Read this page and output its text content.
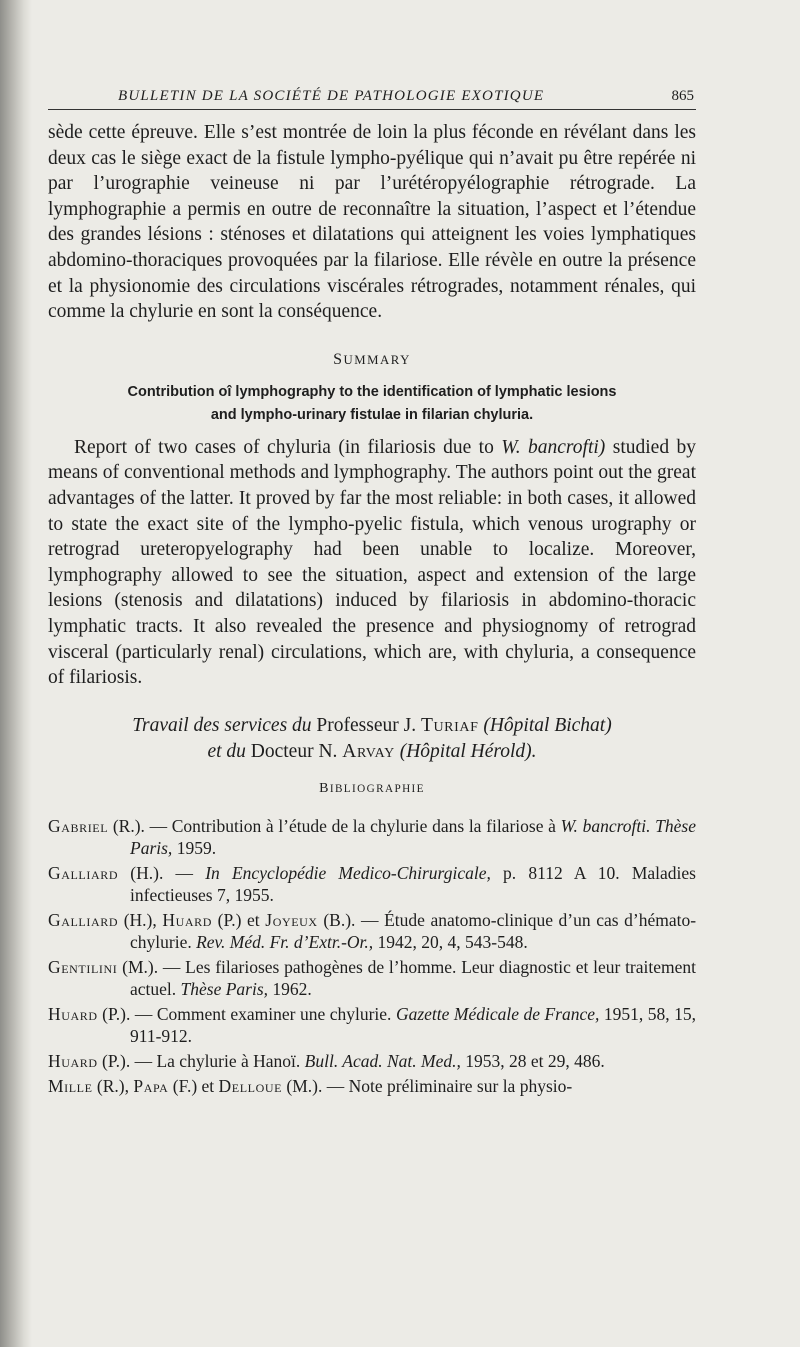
BULLETIN DE LA SOCIÉTÉ DE PATHOLOGIE EXOTIQUE	865

sède cette épreuve. Elle s’est montrée de loin la plus féconde en révélant dans les deux cas le siège exact de la fistule lympho-pyélique qui n’avait pu être repérée ni par l’urographie veineuse ni par l’urétéropyélographie rétrograde. La lymphographie a permis en outre de reconnaître la situation, l’aspect et l’étendue des grandes lésions : sténoses et dilatations qui atteignent les voies lymphatiques abdomino-thoraciques provoquées par la filariose. Elle révèle en outre la présence et la physionomie des circulations viscérales rétrogrades, notamment rénales, qui comme la chylurie en sont la conséquence.

SUMMARY
Contribution oî lymphography to the identification of lymphatic lesions
and lympho-urinary fistulae in filarian chyluria.

Report of two cases of chyluria (in filariosis due to W. bancrofti) studied by means of conventional methods and lymphography. The authors point out the great advantages of the latter. It proved by far the most reliable: in both cases, it allowed to state the exact site of the lympho-pyelic fistula, which venous urography or retrograd ureteropyelography had been unable to localize. Moreover, lymphography allowed to see the situation, aspect and extension of the large lesions (stenosis and dilatations) induced by filariosis in abdomino-thoracic lymphatic tracts. It also revealed the presence and physiognomy of retrograd visceral (particularly renal) circulations, which are, with chyluria, a consequence of filariosis.

Travail des services du Professeur J. Turiaf (Hôpital Bichat)
et du Docteur N. Arvay (Hôpital Hérold).
BIBLIOGRAPHIE
Gabriel (R.). — Contribution à l’étude de la chylurie dans la filariose à W. bancrofti. Thèse Paris, 1959.
Galliard (H.). — In Encyclopédie Medico-Chirurgicale, p. 8112 A 10. Maladies infectieuses 7, 1955.
Galliard (H.), Huard (P.) et Joyeux (B.). — Étude anatomo-clinique d’un cas d’hémato-chylurie. Rev. Méd. Fr. d’Extr.-Or., 1942, 20, 4, 543-548.
Gentilini (M.). — Les filarioses pathogènes de l’homme. Leur diagnostic et leur traitement actuel. Thèse Paris, 1962.
Huard (P.). — Comment examiner une chylurie. Gazette Médicale de France, 1951, 58, 15, 911-912.
Huard (P.). — La chylurie à Hanoï. Bull. Acad. Nat. Med., 1953, 28 et 29, 486.
Mille (R.), Papa (F.) et Delloue (M.). — Note préliminaire sur la physio-
